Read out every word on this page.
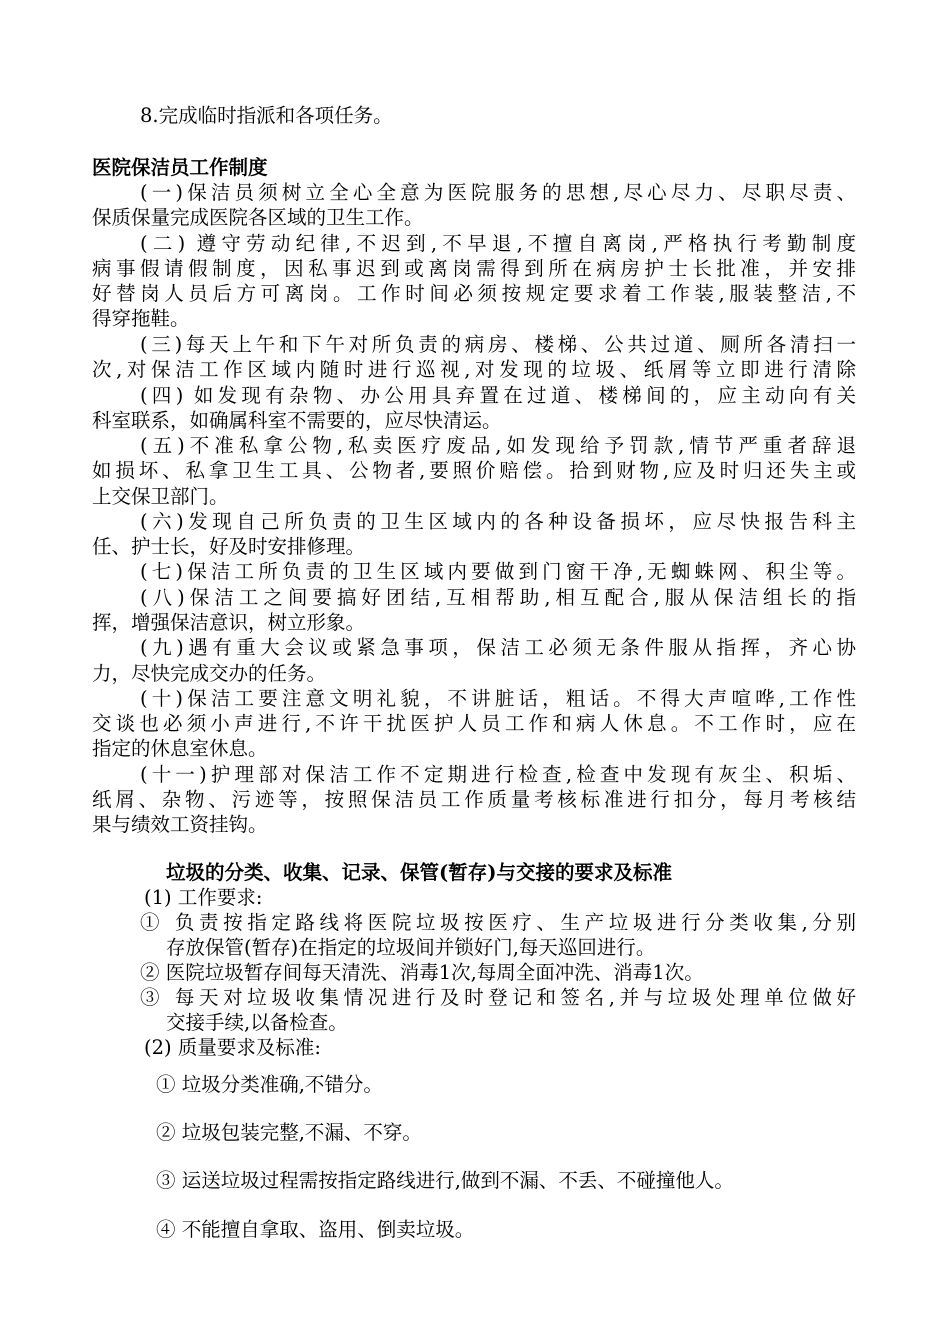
8.完成临时指派和各项任务。
医院保洁员工作制度
(一)保洁员须树立全心全意为医院服务的思想,尽心尽力、尽职尽责、
保质保量完成医院各区域的卫生工作。
(二) 遵守劳动纪律,不迟到,不早退,不擅自离岗,严格执行考勤制度
病事假请假制度，因私事迟到或离岗需得到所在病房护士长批准，并安排
好替岗人员后方可离岗。工作时间必须按规定要求着工作装,服装整洁,不
得穿拖鞋。
(三)每天上午和下午对所负责的病房、楼梯、公共过道、厕所各清扫一
次,对保洁工作区域内随时进行巡视,对发现的垃圾、纸屑等立即进行清除
(四) 如发现有杂物、办公用具弃置在过道、楼梯间的，应主动向有关
科室联系，如确属科室不需要的，应尽快清运。
(五)不准私拿公物,私卖医疗废品,如发现给予罚款,情节严重者辞退
如损坏、私拿卫生工具、公物者,要照价赔偿。拾到财物,应及时归还失主或
上交保卫部门。
(六)发现自己所负责的卫生区域内的各种设备损坏，应尽快报告科主
任、护士长，好及时安排修理。
(七)保洁工所负责的卫生区域内要做到门窗干净,无蜘蛛网、积尘等。
(八)保洁工之间要搞好团结,互相帮助,相互配合,服从保洁组长的指
挥，增强保洁意识，树立形象。
(九)遇有重大会议或紧急事项，保洁工必须无条件服从指挥，齐心协
力，尽快完成交办的任务。
(十)保洁工要注意文明礼貌，不讲脏话，粗话。不得大声喧哗,工作性
交谈也必须小声进行,不许干扰医护人员工作和病人休息。不工作时，应在
指定的休息室休息。
(十一)护理部对保洁工作不定期进行检查,检查中发现有灰尘、积垢、
纸屑、杂物、污迹等，按照保洁员工作质量考核标准进行扣分，每月考核结
果与绩效工资挂钩。
垃圾的分类、收集、记录、保管(暂存)与交接的要求及标准
(1) 工作要求:
① 负责按指定路线将医院垃圾按医疗、生产垃圾进行分类收集,分别
存放保管(暂存)在指定的垃圾间并锁好门,每天巡回进行。
② 医院垃圾暂存间每天清洗、消毒1次,每周全面冲洗、消毒1次。
③ 每天对垃圾收集情况进行及时登记和签名,并与垃圾处理单位做好
交接手续,以备检查。
(2) 质量要求及标准:
① 垃圾分类准确,不错分。
② 垃圾包装完整,不漏、不穿。
③ 运送垃圾过程需按指定路线进行,做到不漏、不丢、不碰撞他人。
④ 不能擅自拿取、盗用、倒卖垃圾。
